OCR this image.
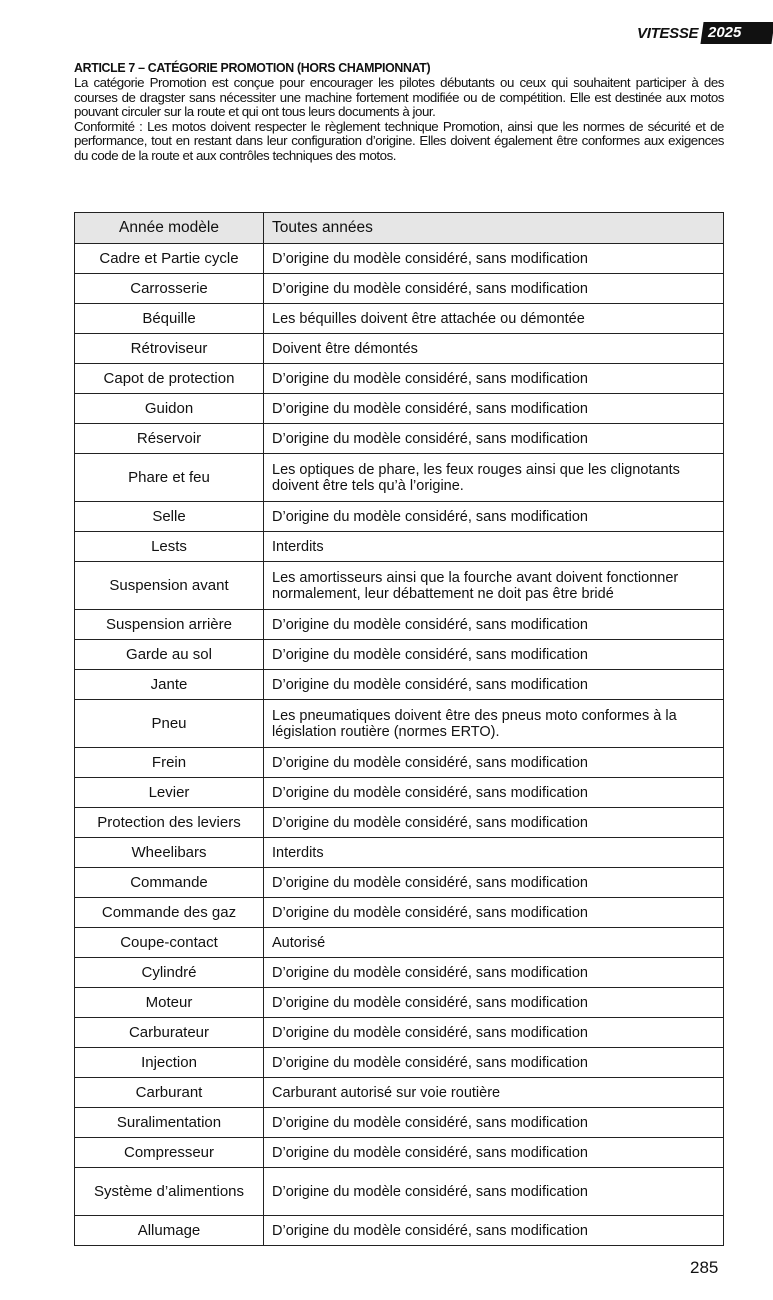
VITESSE 2025
ARTICLE 7 – CATÉGORIE PROMOTION (HORS CHAMPIONNAT)

La catégorie Promotion est conçue pour encourager les pilotes débutants ou ceux qui souhaitent participer à des courses de dragster sans nécessiter une machine fortement modifiée ou de compétition. Elle est destinée aux motos pouvant circuler sur la route et qui ont tous leurs documents à jour.

Conformité : Les motos doivent respecter le règlement technique Promotion, ainsi que les normes de sécurité et de performance, tout en restant dans leur configuration d’origine. Elles doivent également être conformes aux exigences du code de la route et aux contrôles techniques des motos.

Année modèle	Toutes années
Cadre et Partie cycle	D’origine du modèle considéré, sans modification
Carrosserie	D’origine du modèle considéré, sans modification
Béquille	Les béquilles doivent être attachée ou démontée
Rétroviseur	Doivent être démontés
Capot de protection	D’origine du modèle considéré, sans modification
Guidon	D’origine du modèle considéré, sans modification
Réservoir	D’origine du modèle considéré, sans modification
Phare et feu	Les optiques de phare, les feux rouges ainsi que les clignotants doivent être tels qu’à l’origine.
Selle	D’origine du modèle considéré, sans modification
Lests	Interdits
Suspension avant	Les amortisseurs ainsi que la fourche avant doivent fonctionner normalement, leur débattement ne doit pas être bridé
Suspension arrière	D’origine du modèle considéré, sans modification
Garde au sol	D’origine du modèle considéré, sans modification
Jante	D’origine du modèle considéré, sans modification
Pneu	Les pneumatiques doivent être des pneus moto conformes à la législation routière (normes ERTO).
Frein	D’origine du modèle considéré, sans modification
Levier	D’origine du modèle considéré, sans modification
Protection des leviers	D’origine du modèle considéré, sans modification
Wheelibars	Interdits
Commande	D’origine du modèle considéré, sans modification
Commande des gaz	D’origine du modèle considéré, sans modification
Coupe-contact	Autorisé
Cylindré	D’origine du modèle considéré, sans modification
Moteur	D’origine du modèle considéré, sans modification
Carburateur	D’origine du modèle considéré, sans modification
Injection	D’origine du modèle considéré, sans modification
Carburant	Carburant autorisé sur voie routière
Suralimentation	D’origine du modèle considéré, sans modification
Compresseur	D’origine du modèle considéré, sans modification
Système d’alimentions	D’origine du modèle considéré, sans modification
Allumage	D’origine du modèle considéré, sans modification
285
